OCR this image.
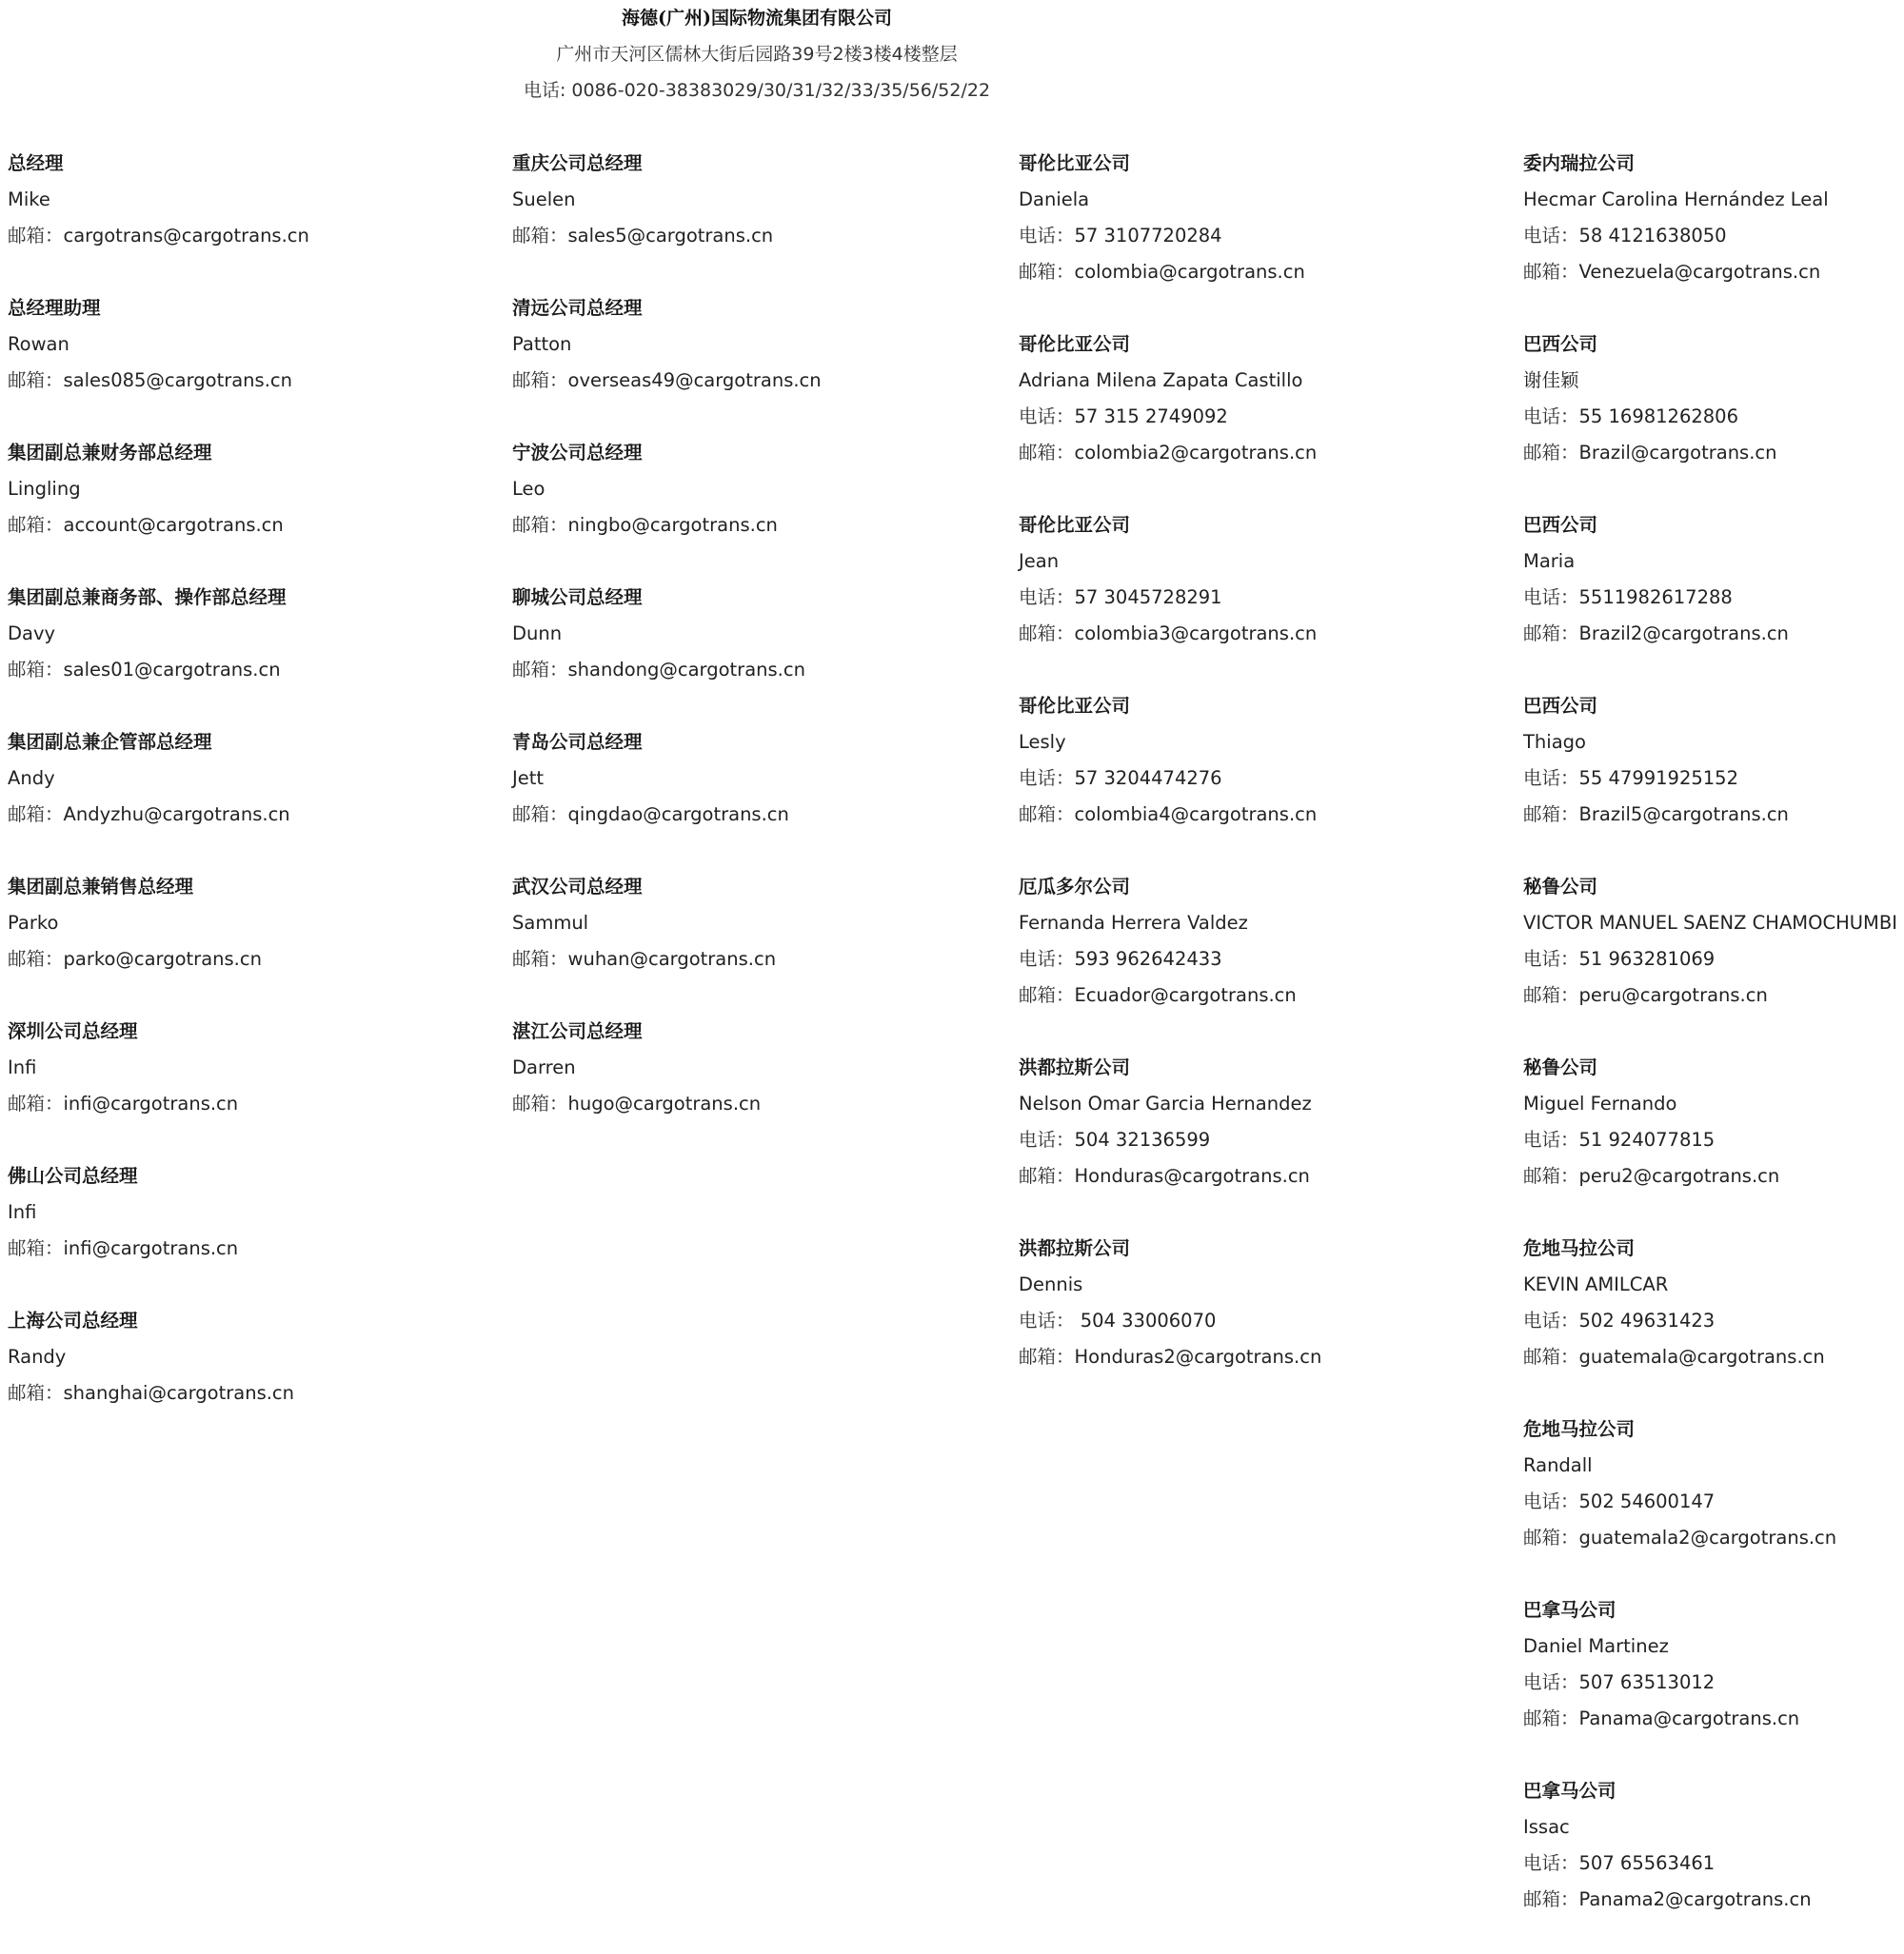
海德(广州)国际物流集团有限公司
广州市天河区儒林大街后园路39号2楼3楼4楼整层
电话: 0086-020-38383029/30/31/32/33/35/56/52/22
总经理
Mike
邮箱：cargotrans@cargotrans.cn
总经理助理
Rowan
邮箱：sales085@cargotrans.cn
集团副总兼财务部总经理
Lingling
邮箱：account@cargotrans.cn
集团副总兼商务部、操作部总经理
Davy
邮箱：sales01@cargotrans.cn
集团副总兼企管部总经理
Andy
邮箱：Andyzhu@cargotrans.cn
集团副总兼销售总经理
Parko
邮箱：parko@cargotrans.cn
深圳公司总经理
Infi
邮箱：infi@cargotrans.cn
佛山公司总经理
Infi
邮箱：infi@cargotrans.cn
上海公司总经理
Randy
邮箱：shanghai@cargotrans.cn
重庆公司总经理
Suelen
邮箱：sales5@cargotrans.cn
清远公司总经理
Patton
邮箱：overseas49@cargotrans.cn
宁波公司总经理
Leo
邮箱：ningbo@cargotrans.cn
聊城公司总经理
Dunn
邮箱：shandong@cargotrans.cn
青岛公司总经理
Jett
邮箱：qingdao@cargotrans.cn
武汉公司总经理
Sammul
邮箱：wuhan@cargotrans.cn
湛江公司总经理
Darren
邮箱：hugo@cargotrans.cn
哥伦比亚公司
Daniela
电话：57 3107720284
邮箱：colombia@cargotrans.cn
哥伦比亚公司
Adriana Milena Zapata Castillo
电话：57 315 2749092
邮箱：colombia2@cargotrans.cn
哥伦比亚公司
Jean
电话：57 3045728291
邮箱：colombia3@cargotrans.cn
哥伦比亚公司
Lesly
电话：57 3204474276
邮箱：colombia4@cargotrans.cn
厄瓜多尔公司
Fernanda Herrera Valdez
电话：593 962642433
邮箱：Ecuador@cargotrans.cn
洪都拉斯公司
Nelson Omar Garcia Hernandez
电话：504 32136599
邮箱：Honduras@cargotrans.cn
洪都拉斯公司
Dennis
电话： 504 33006070
邮箱：Honduras2@cargotrans.cn
委内瑞拉公司
Hecmar Carolina Hernández Leal
电话：58 4121638050
邮箱：Venezuela@cargotrans.cn
巴西公司
谢佳颖
电话：55 16981262806
邮箱：Brazil@cargotrans.cn
巴西公司
Maria
电话：5511982617288
邮箱：Brazil2@cargotrans.cn
巴西公司
Thiago
电话：55 47991925152
邮箱：Brazil5@cargotrans.cn
秘鲁公司
VICTOR MANUEL SAENZ CHAMOCHUMBI
电话：51 963281069
邮箱：peru@cargotrans.cn
秘鲁公司
Miguel Fernando
电话：51 924077815
邮箱：peru2@cargotrans.cn
危地马拉公司
KEVIN AMILCAR
电话：502 49631423
邮箱：guatemala@cargotrans.cn
危地马拉公司
Randall
电话：502 54600147
邮箱：guatemala2@cargotrans.cn
巴拿马公司
Daniel Martinez
电话：507 63513012
邮箱：Panama@cargotrans.cn
巴拿马公司
Issac
电话：507 65563461
邮箱：Panama2@cargotrans.cn
